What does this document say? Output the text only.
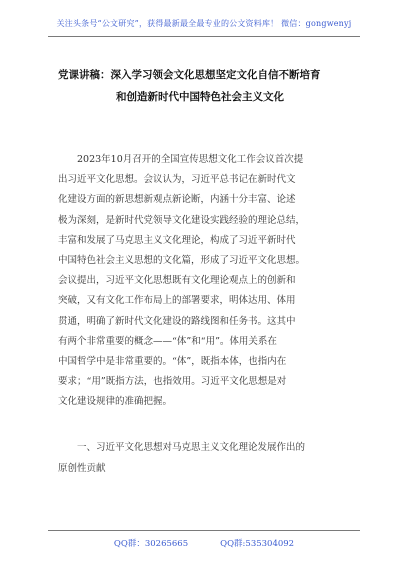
关注头条号“公文研究”，获得最新最全最专业的公文资料库！ 微信：gongwenyj
党课讲稿：深入学习领会文化思想坚定文化自信不断培育
和创造新时代中国特色社会主义文化
　　2023年10月召开的全国宣传思想文化工作会议首次提
出习近平文化思想。会议认为，习近平总书记在新时代文
化建设方面的新思想新观点新论断，内涵十分丰富、论述
极为深刻，是新时代党领导文化建设实践经验的理论总结，
丰富和发展了马克思主义文化理论，构成了习近平新时代
中国特色社会主义思想的文化篇，形成了习近平文化思想。
会议提出，习近平文化思想既有文化理论观点上的创新和
突破，又有文化工作布局上的部署要求，明体达用、体用
贯通，明确了新时代文化建设的路线图和任务书。这其中
有两个非常重要的概念——“体”和“用”。体用关系在
中国哲学中是非常重要的。“体”，既指本体，也指内在
要求；“用”既指方法，也指效用。习近平文化思想是对
文化建设规律的准确把握。
　　一、习近平文化思想对马克思主义文化理论发展作出的
原创性贡献
QQ群：30265665	QQ群:535304092
